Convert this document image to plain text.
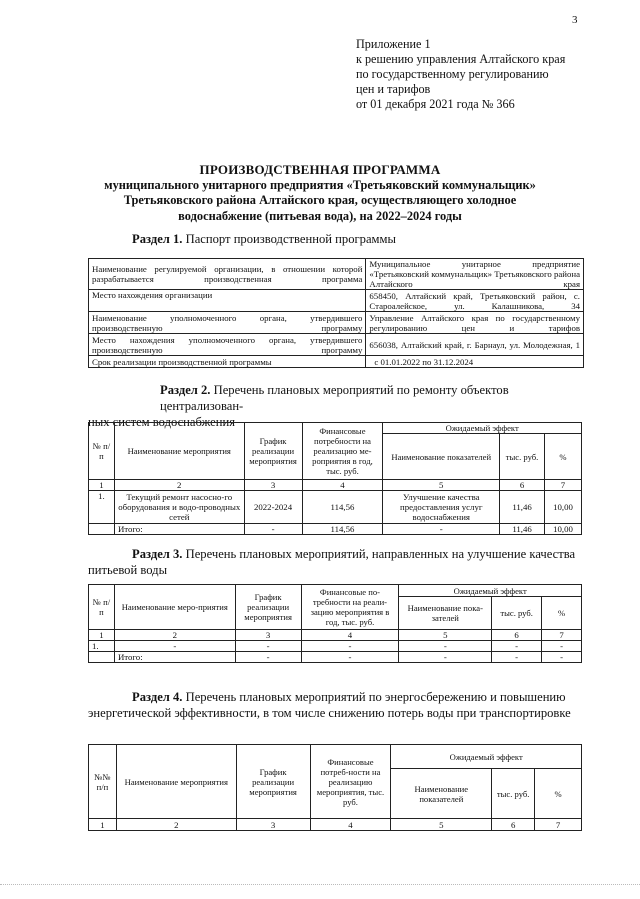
3
Приложение 1
к решению управления Алтайского края
по государственному регулированию
цен и тарифов
от 01 декабря 2021 года № 366
ПРОИЗВОДСТВЕННАЯ ПРОГРАММА
муниципального унитарного предприятия «Третьяковский коммунальщик»
Третьяковского района Алтайского края, осуществляющего холодное
водоснабжение (питьевая вода), на 2022–2024 годы
Раздел 1. Паспорт производственной программы
Наименование регулируемой организации, в отношении которой разрабатывается производственная программа	Муниципальное унитарное предприятие «Третьяковский коммунальщик» Третьяковского района Алтайского края
Место нахождения организации	658450, Алтайский край, Третьяковский район, с. Староалейское, ул. Калашникова, 34
Наименование уполномоченного органа, утвердившего производственную программу	Управление Алтайского края по государственному регулированию цен и тарифов
Место нахождения уполномоченного органа, утвердившего производственную программу	656038, Алтайский край, г. Барнаул, ул. Молодежная, 1
Срок реализации производственной программы	с 01.01.2022 по 31.12.2024
Раздел 2. Перечень плановых мероприятий по ремонту объектов централизован-
ных систем водоснабжения
№ п/п	Наименование мероприятия	График реализации мероприятия	Финансовые потребности на реализацию ме-роприятия в год, тыс. руб.	Ожидаемый эффект		
				Наименование показателей	тыс. руб.	%
1	2	3	4	5	6	7
1.	Текущий ремонт насосно-го оборудования и водо-проводных сетей	2022-2024	114,56	Улучшение качества предоставления услуг водоснабжения	11,46	10,00
	Итого:	-	114,56	-	11,46	10,00
Раздел 3. Перечень плановых мероприятий, направленных на улучшение качества
питьевой воды
№ п/п	Наименование меро-приятия	График реализации мероприятия	Финансовые по-требности на реали-зацию мероприятия в год, тыс. руб.	Ожидаемый эффект		
				Наименование пока-зателей	тыс. руб.	%
1	2	3	4	5	6	7
1.	-	-	-	-	-	-
	Итого:	-	-	-	-	-
Раздел 4. Перечень плановых мероприятий по энергосбережению и повышению
энергетической эффективности, в том числе снижению потерь воды при транспортировке
№№ п/п	Наименование мероприятия	График реализации мероприятия	Финансовые потреб-ности на реализацию мероприятия, тыс. руб.	Ожидаемый эффект		
				Наименование показателей	тыс. руб.	%
1	2	3	4	5	6	7
